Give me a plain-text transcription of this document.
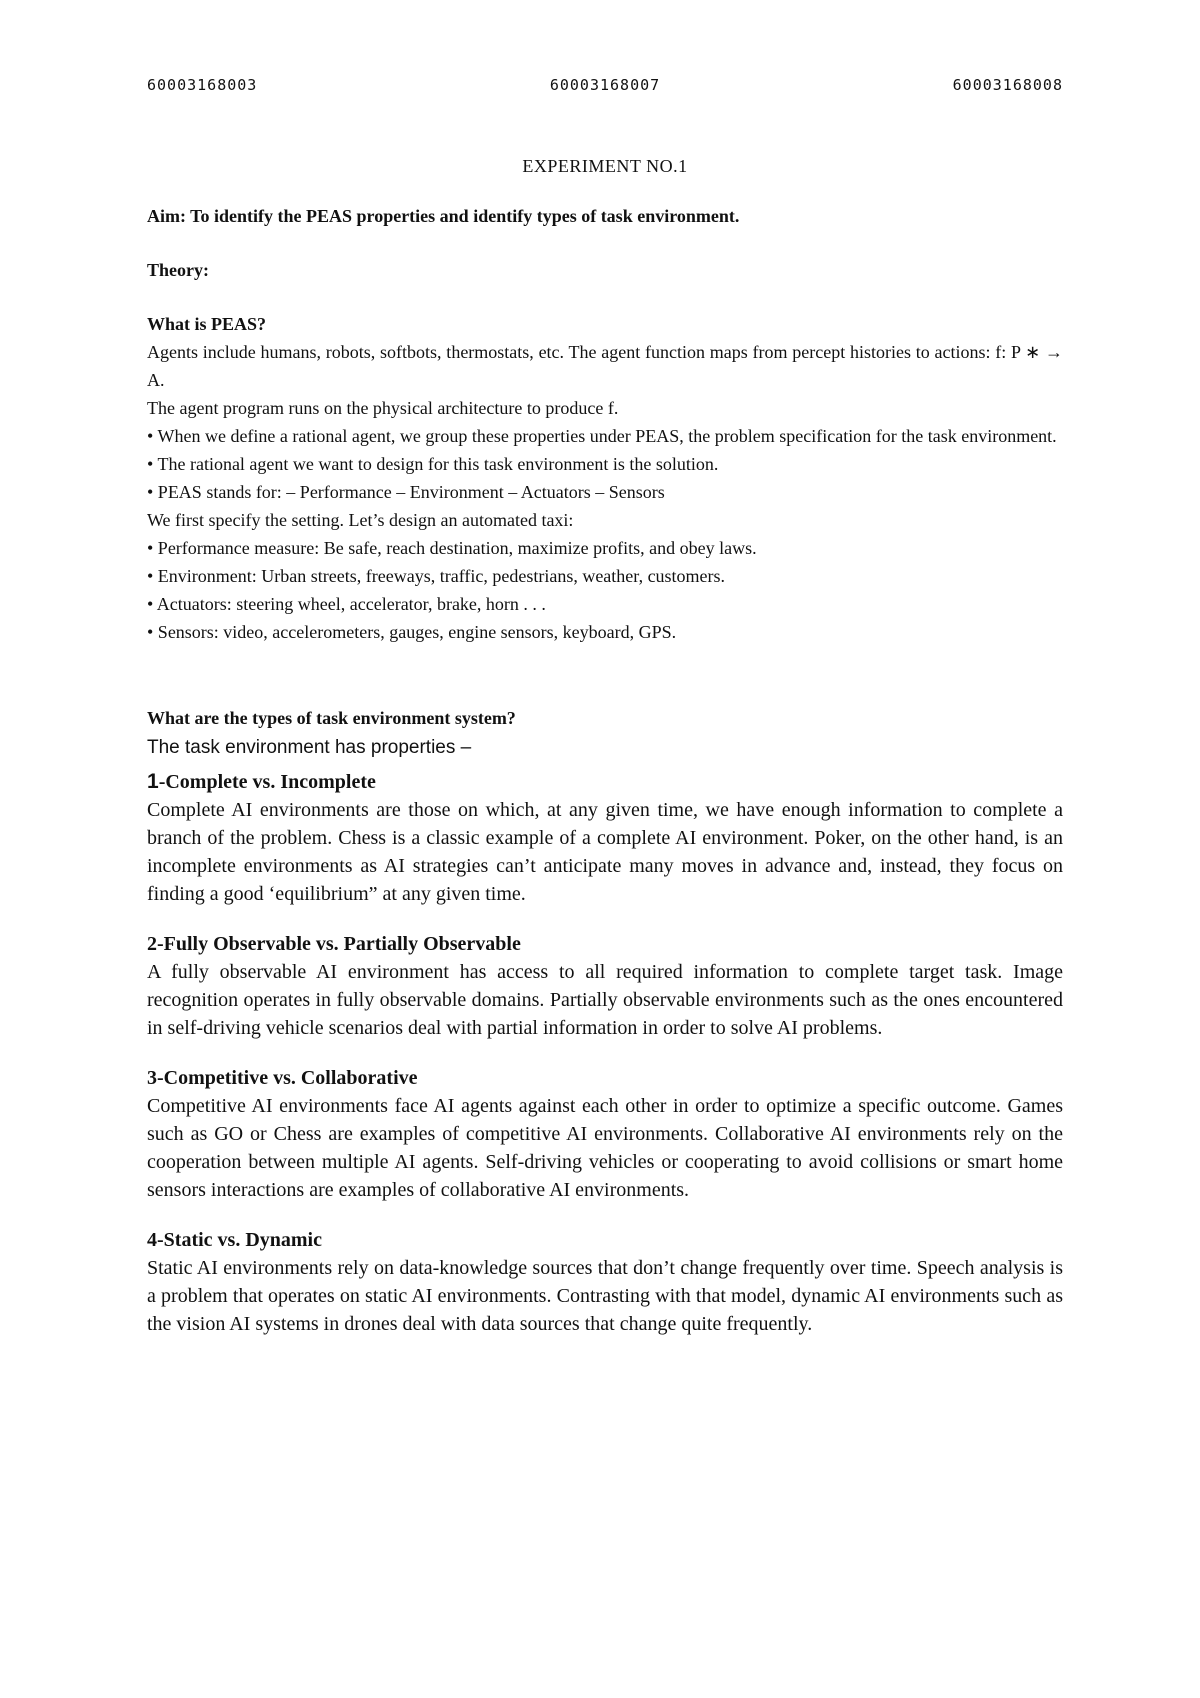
60003168003	60003168007	60003168008

EXPERIMENT NO.1

Aim: To identify the PEAS properties and identify types of task environment.

Theory:

What is PEAS?

Agents include humans, robots, softbots, thermostats, etc. The agent function maps from percept histories to actions: f: P ∗ → A.

The agent program runs on the physical architecture to produce f.

• When we define a rational agent, we group these properties under PEAS, the problem specification for the task environment.

• The rational agent we want to design for this task environment is the solution.

• PEAS stands for: – Performance – Environment – Actuators – Sensors

We first specify the setting. Let’s design an automated taxi:

• Performance measure: Be safe, reach destination, maximize profits, and obey laws.

• Environment: Urban streets, freeways, traffic, pedestrians, weather, customers.

• Actuators: steering wheel, accelerator, brake, horn . . .

• Sensors: video, accelerometers, gauges, engine sensors, keyboard, GPS.

What are the types of task environment system?

The task environment has properties –

1-Complete vs. Incomplete

Complete AI environments are those on which, at any given time, we have enough information to complete a branch of the problem. Chess is a classic example of a complete AI environment. Poker, on the other hand, is an incomplete environments as AI strategies can’t anticipate many moves in advance and, instead, they focus on finding a good ‘equilibrium” at any given time.

2-Fully Observable vs. Partially Observable

A fully observable AI environment has access to all required information to complete target task. Image recognition operates in fully observable domains. Partially observable environments such as the ones encountered in self-driving vehicle scenarios deal with partial information in order to solve AI problems.

3-Competitive vs. Collaborative

Competitive AI environments face AI agents against each other in order to optimize a specific outcome. Games such as GO or Chess are examples of competitive AI environments. Collaborative AI environments rely on the cooperation between multiple AI agents. Self-driving vehicles or cooperating to avoid collisions or smart home sensors interactions are examples of collaborative AI environments.

4-Static vs. Dynamic

Static AI environments rely on data-knowledge sources that don’t change frequently over time. Speech analysis is a problem that operates on static AI environments. Contrasting with that model, dynamic AI environments such as the vision AI systems in drones deal with data sources that change quite frequently.
